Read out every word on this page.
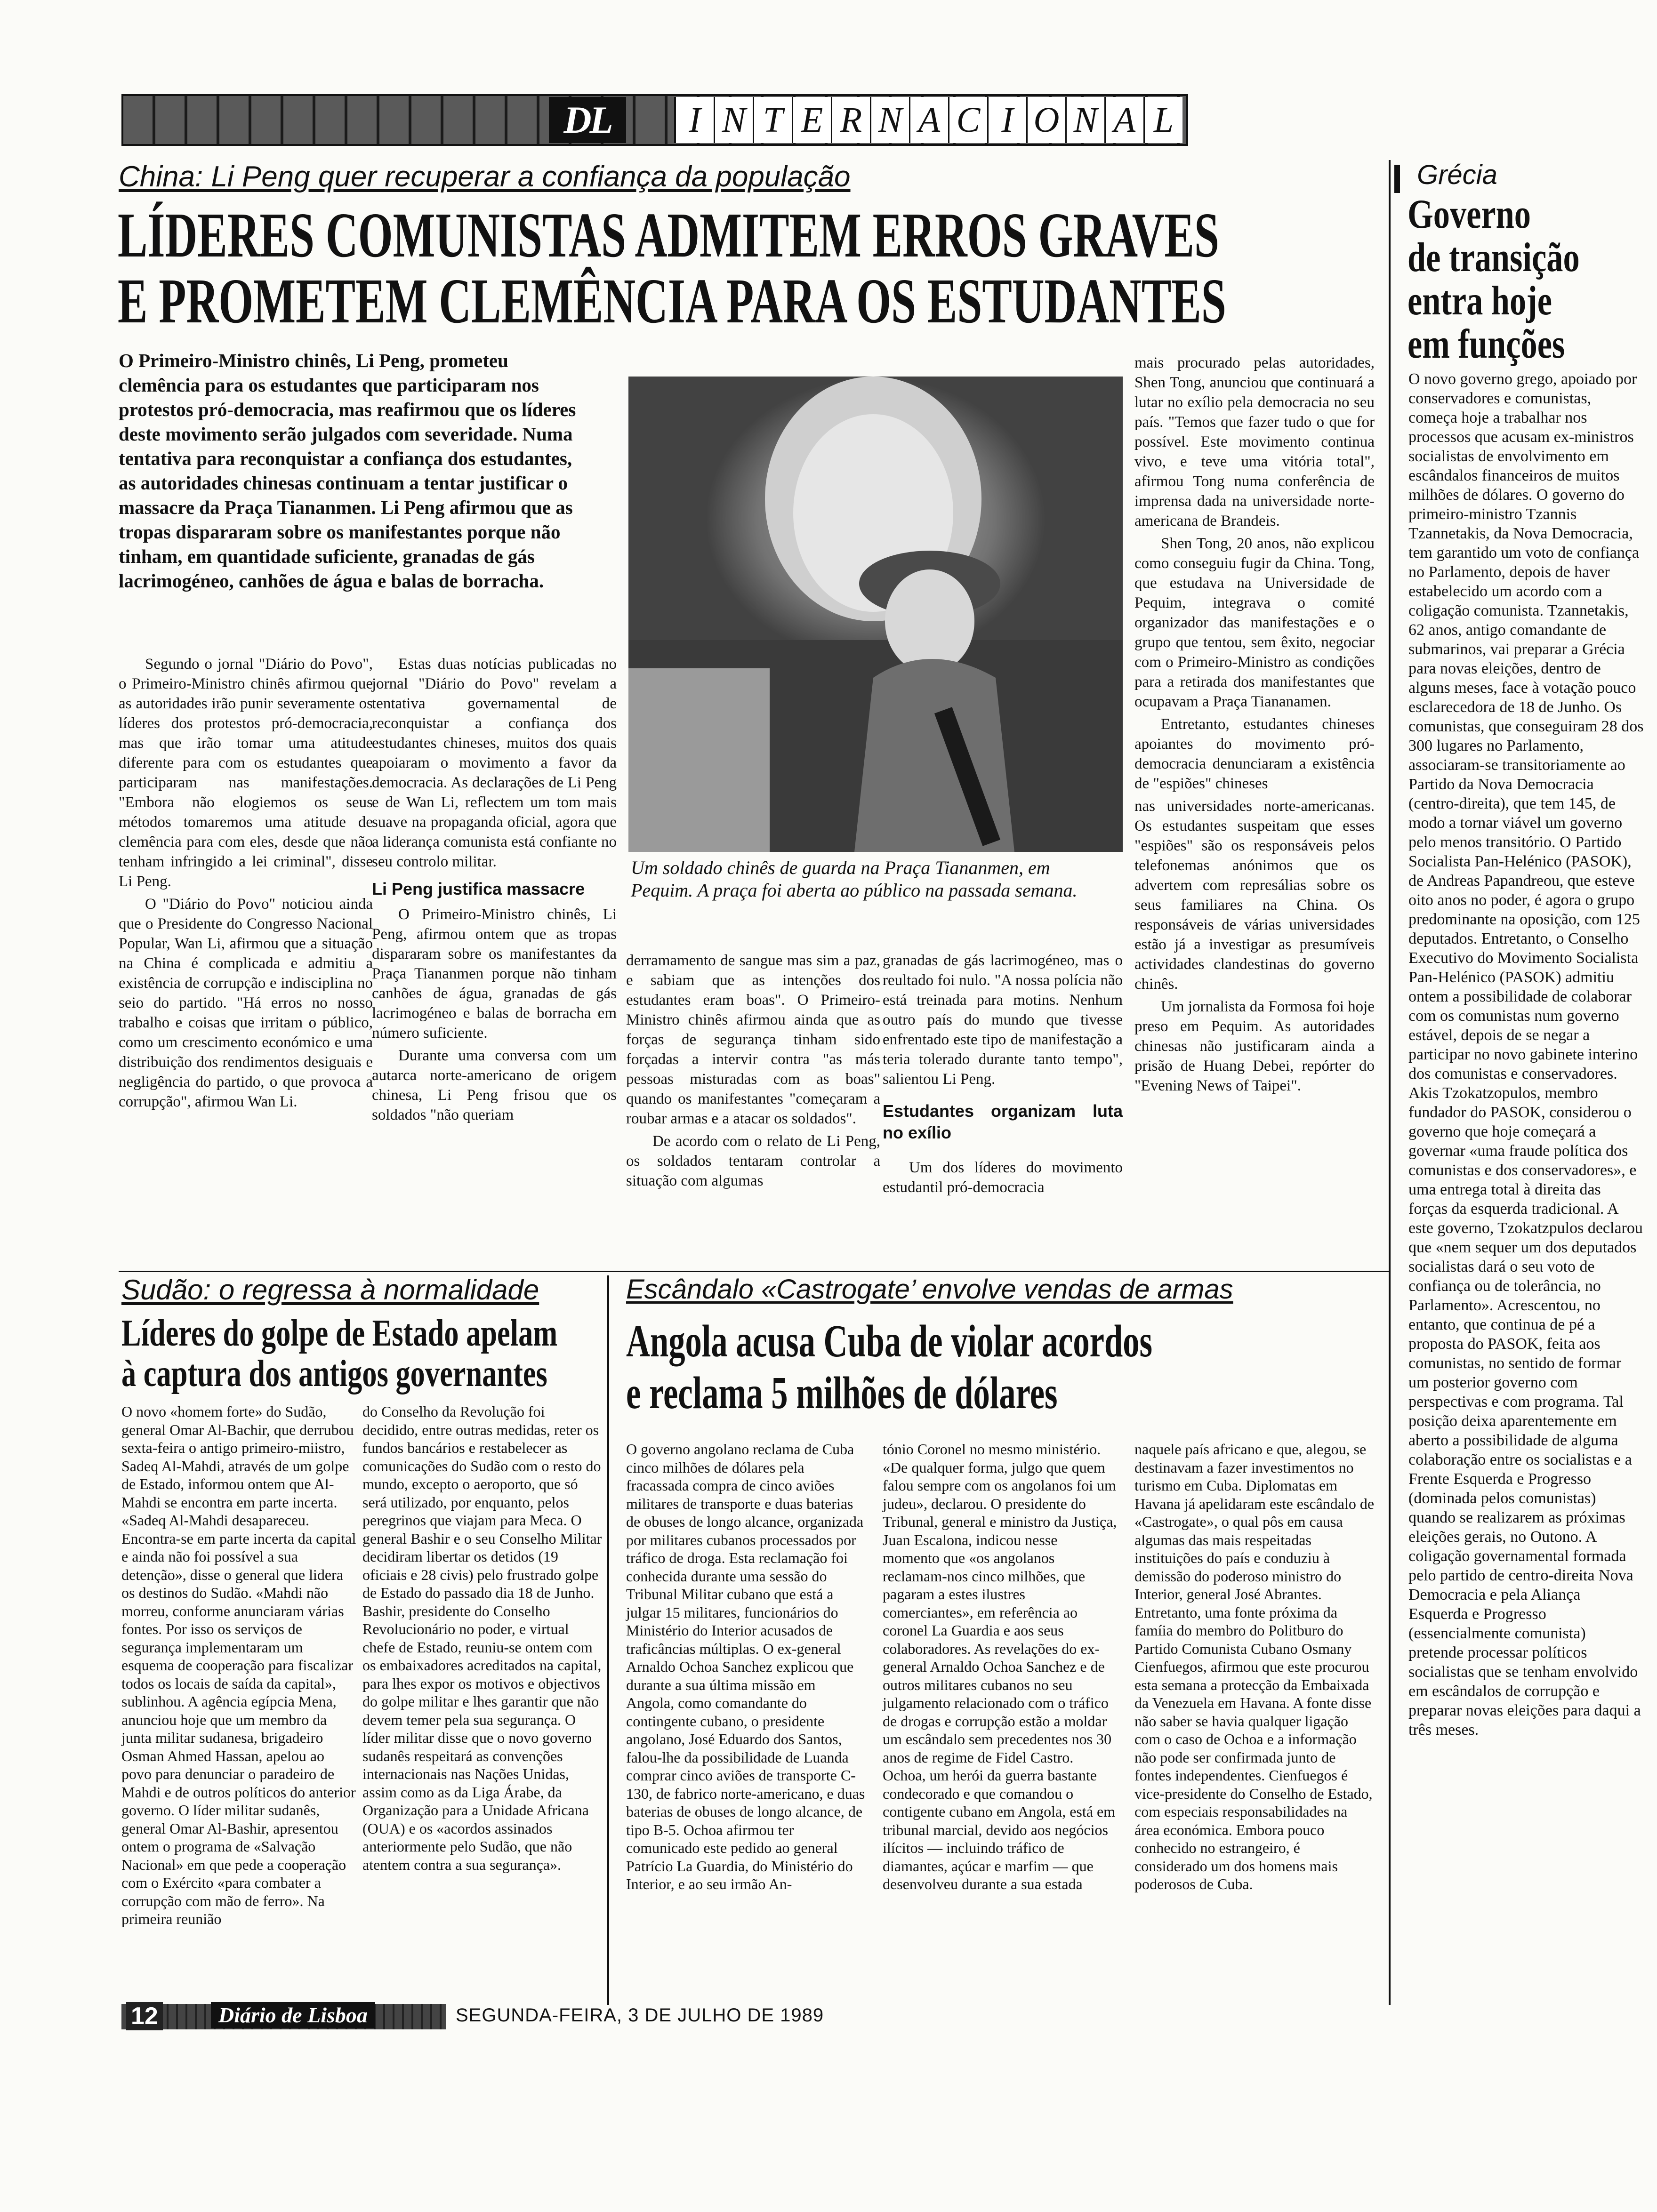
DL	I N T E R N A C I O N A L
China: Li Peng quer recuperar a confiança da população
LÍDERES COMUNISTAS ADMITEM ERROS GRAVES
E PROMETEM CLEMÊNCIA PARA OS ESTUDANTES
O Primeiro-Ministro chinês, Li Peng, prometeu clemência para os estudantes que participaram nos protestos pró-democracia, mas reafirmou que os líderes deste movimento serão julgados com severidade. Numa tentativa para reconquistar a confiança dos estudantes, as autoridades chinesas continuam a tentar justificar o massacre da Praça Tiananmen. Li Peng afirmou que as tropas dispararam sobre os manifestantes porque não tinham, em quantidade suficiente, granadas de gás lacrimogéneo, canhões de água e balas de borracha.

Segundo o jornal "Diário do Povo", o Primeiro-Ministro chinês afirmou que as autoridades irão punir severamente os líderes dos protestos pró-democracia, mas que irão tomar uma atitude diferente para com os estudantes que participaram nas manifestações. "Embora não elogiemos os seus métodos tomaremos uma atitude de clemência para com eles, desde que não tenham infringido a lei criminal", disse Li Peng.

O "Diário do Povo" noticiou ainda que o Presidente do Congresso Nacional Popular, Wan Li, afirmou que a situação na China é complicada e admitiu a existência de corrupção e indisciplina no seio do partido. "Há erros no nosso trabalho e coisas que irritam o público, como um crescimento económico e uma distribuição dos rendimentos desiguais e negligência do partido, o que provoca a corrupção", afirmou Wan Li.

Estas duas notícias publicadas no jornal "Diário do Povo" revelam a tentativa governamental de reconquistar a confiança dos estudantes chineses, muitos dos quais apoiaram o movimento a favor da democracia. As declarações de Li Peng e de Wan Li, reflectem um tom mais suave na propaganda oficial, agora que a liderança comunista está confiante no seu controlo militar.

Li Peng justifica massacre

O Primeiro-Ministro chinês, Li Peng, afirmou ontem que as tropas dispararam sobre os manifestantes da Praça Tiananmen porque não tinham canhões de água, granadas de gás lacrimogéneo e balas de borracha em número suficiente.

Durante uma conversa com um autarca norte-americano de origem chinesa, Li Peng frisou que os soldados "não queriam

Um soldado chinês de guarda na Praça Tiananmen, em Pequim. A praça foi aberta ao público na passada semana.

derramamento de sangue mas sim a paz, e sabiam que as intenções dos estudantes eram boas". O Primeiro-Ministro chinês afirmou ainda que as forças de segurança tinham sido forçadas a intervir contra "as más pessoas misturadas com as boas" quando os manifestantes "começaram a roubar armas e a atacar os soldados".

De acordo com o relato de Li Peng, os soldados tentaram controlar a situação com algumas

granadas de gás lacrimogéneo, mas o reultado foi nulo. "A nossa polícia não está treinada para motins. Nenhum outro país do mundo que tivesse enfrentado este tipo de manifestação a teria tolerado durante tanto tempo", salientou Li Peng.

Estudantes organizam luta no exílio

Um dos líderes do movimento estudantil pró-democracia

mais procurado pelas autoridades, Shen Tong, anunciou que continuará a lutar no exílio pela democracia no seu país. "Temos que fazer tudo o que for possível. Este movimento continua vivo, e teve uma vitória total", afirmou Tong numa conferência de imprensa dada na universidade norte-americana de Brandeis.

Shen Tong, 20 anos, não explicou como conseguiu fugir da China. Tong, que estudava na Universidade de Pequim, integrava o comité organizador das manifestações e o grupo que tentou, sem êxito, negociar com o Primeiro-Ministro as condições para a retirada dos manifestantes que ocupavam a Praça Tiananamen.

Entretanto, estudantes chineses apoiantes do movimento pró-democracia denunciaram a existência de "espiões" chineses

nas universidades norte-americanas. Os estudantes suspeitam que esses "espiões" são os responsáveis pelos telefonemas anónimos que os advertem com represálias sobre os seus familiares na China. Os responsáveis de várias universidades estão já a investigar as presumíveis actividades clandestinas do governo chinês.

Um jornalista da Formosa foi hoje preso em Pequim. As autoridades chinesas não justificaram ainda a prisão de Huang Debei, repórter do "Evening News of Taipei".

Grécia
Governo
de transição
entra hoje
em funções
O novo governo grego, apoiado por conservadores e comunistas, começa hoje a trabalhar nos processos que acusam ex-ministros socialistas de envolvimento em escândalos financeiros de muitos milhões de dólares. O governo do primeiro-ministro Tzannis Tzannetakis, da Nova Democracia, tem garantido um voto de confiança no Parlamento, depois de haver estabelecido um acordo com a coligação comunista. Tzannetakis, 62 anos, antigo comandante de submarinos, vai preparar a Grécia para novas eleições, dentro de alguns meses, face à votação pouco esclarecedora de 18 de Junho. Os comunistas, que conseguiram 28 dos 300 lugares no Parlamento, associaram-se transitoriamente ao Partido da Nova Democracia (centro-direita), que tem 145, de modo a tornar viável um governo pelo menos transitório. O Partido Socialista Pan-Helénico (PASOK), de Andreas Papandreou, que esteve oito anos no poder, é agora o grupo predominante na oposição, com 125 deputados. Entretanto, o Conselho Executivo do Movimento Socialista Pan-Helénico (PASOK) admitiu ontem a possibilidade de colaborar com os comunistas num governo estável, depois de se negar a participar no novo gabinete interino dos comunistas e conservadores. Akis Tzokatzopulos, membro fundador do PASOK, considerou o governo que hoje começará a governar «uma fraude política dos comunistas e dos conservadores», e uma entrega total à direita das forças da esquerda tradicional. A este governo, Tzokatzpulos declarou que «nem sequer um dos deputados socialistas dará o seu voto de confiança ou de tolerância, no Parlamento». Acrescentou, no entanto, que continua de pé a proposta do PASOK, feita aos comunistas, no sentido de formar um posterior governo com perspectivas e com programa. Tal posição deixa aparentemente em aberto a possibilidade de alguma colaboração entre os socialistas e a Frente Esquerda e Progresso (dominada pelos comunistas) quando se realizarem as próximas eleições gerais, no Outono. A coligação governamental formada pelo partido de centro-direita Nova Democracia e pela Aliança Esquerda e Progresso (essencialmente comunista) pretende processar políticos socialistas que se tenham envolvido em escândalos de corrupção e preparar novas eleições para daqui a três meses.
Sudão: o regressa à normalidade
Líderes do golpe de Estado apelam
à captura dos antigos governantes
O novo «homem forte» do Sudão, general Omar Al-Bachir, que derrubou sexta-feira o antigo primeiro-miistro, Sadeq Al-Mahdi, através de um golpe de Estado, informou ontem que Al-Mahdi se encontra em parte incerta. «Sadeq Al-Mahdi desapareceu. Encontra-se em parte incerta da capital e ainda não foi possível a sua detenção», disse o general que lidera os destinos do Sudão. «Mahdi não morreu, conforme anunciaram várias fontes. Por isso os serviços de segurança implementaram um esquema de cooperação para fiscalizar todos os locais de saída da capital», sublinhou. A agência egípcia Mena, anunciou hoje que um membro da junta militar sudanesa, brigadeiro Osman Ahmed Hassan, apelou ao povo para denunciar o paradeiro de Mahdi e de outros políticos do anterior governo. O líder militar sudanês, general Omar Al-Bashir, apresentou ontem o programa de «Salvação Nacional» em que pede a cooperação com o Exército «para combater a corrupção com mão de ferro». Na primeira reunião
do Conselho da Revolução foi decidido, entre outras medidas, reter os fundos bancários e restabelecer as comunicações do Sudão com o resto do mundo, excepto o aeroporto, que só será utilizado, por enquanto, pelos peregrinos que viajam para Meca. O general Bashir e o seu Conselho Militar decidiram libertar os detidos (19 oficiais e 28 civis) pelo frustrado golpe de Estado do passado dia 18 de Junho. Bashir, presidente do Conselho Revolucionário no poder, e virtual chefe de Estado, reuniu-se ontem com os embaixadores acreditados na capital, para lhes expor os motivos e objectivos do golpe militar e lhes garantir que não devem temer pela sua segurança. O líder militar disse que o novo governo sudanês respeitará as convenções internacionais nas Nações Unidas, assim como as da Liga Árabe, da Organização para a Unidade Africana (OUA) e os «acordos assinados anteriormente pelo Sudão, que não atentem contra a sua segurança».
Escândalo «Castrogate’ envolve vendas de armas
Angola acusa Cuba de violar acordos
e reclama 5 milhões de dólares
O governo angolano reclama de Cuba cinco milhões de dólares pela fracassada compra de cinco aviões militares de transporte e duas baterias de obuses de longo alcance, organizada por militares cubanos processados por tráfico de droga. Esta reclamação foi conhecida durante uma sessão do Tribunal Militar cubano que está a julgar 15 militares, funcionários do Ministério do Interior acusados de traficâncias múltiplas. O ex-general Arnaldo Ochoa Sanchez explicou que durante a sua última missão em Angola, como comandante do contingente cubano, o presidente angolano, José Eduardo dos Santos, falou-lhe da possibilidade de Luanda comprar cinco aviões de transporte C-130, de fabrico norte-americano, e duas baterias de obuses de longo alcance, de tipo B-5. Ochoa afirmou ter comunicado este pedido ao general Patrício La Guardia, do Ministério do Interior, e ao seu irmão An-
tónio Coronel no mesmo ministério. «De qualquer forma, julgo que quem falou sempre com os angolanos foi um judeu», declarou. O presidente do Tribunal, general e ministro da Justiça, Juan Escalona, indicou nesse momento que «os angolanos reclamam-nos cinco milhões, que pagaram a estes ilustres comerciantes», em referência ao coronel La Guardia e aos seus colaboradores. As revelações do ex-general Arnaldo Ochoa Sanchez e de outros militares cubanos no seu julgamento relacionado com o tráfico de drogas e corrupção estão a moldar um escândalo sem precedentes nos 30 anos de regime de Fidel Castro. Ochoa, um herói da guerra bastante condecorado e que comandou o contigente cubano em Angola, está em tribunal marcial, devido aos negócios ilícitos — incluindo tráfico de diamantes, açúcar e marfim — que desenvolveu durante a sua estada
naquele país africano e que, alegou, se destinavam a fazer investimentos no turismo em Cuba. Diplomatas em Havana já apelidaram este escândalo de «Castrogate», o qual pôs em causa algumas das mais respeitadas instituições do país e conduziu à demissão do poderoso ministro do Interior, general José Abrantes. Entretanto, uma fonte próxima da famíia do membro do Politburo do Partido Comunista Cubano Osmany Cienfuegos, afirmou que este procurou esta semana a protecção da Embaixada da Venezuela em Havana. A fonte disse não saber se havia qualquer ligação com o caso de Ochoa e a informação não pode ser confirmada junto de fontes independentes. Cienfuegos é vice-presidente do Conselho de Estado, com especiais responsabilidades na área económica. Embora pouco conhecido no estrangeiro, é considerado um dos homens mais poderosos de Cuba.
12	Diário de Lisboa	SEGUNDA-FEIRA, 3 DE JULHO DE 1989
